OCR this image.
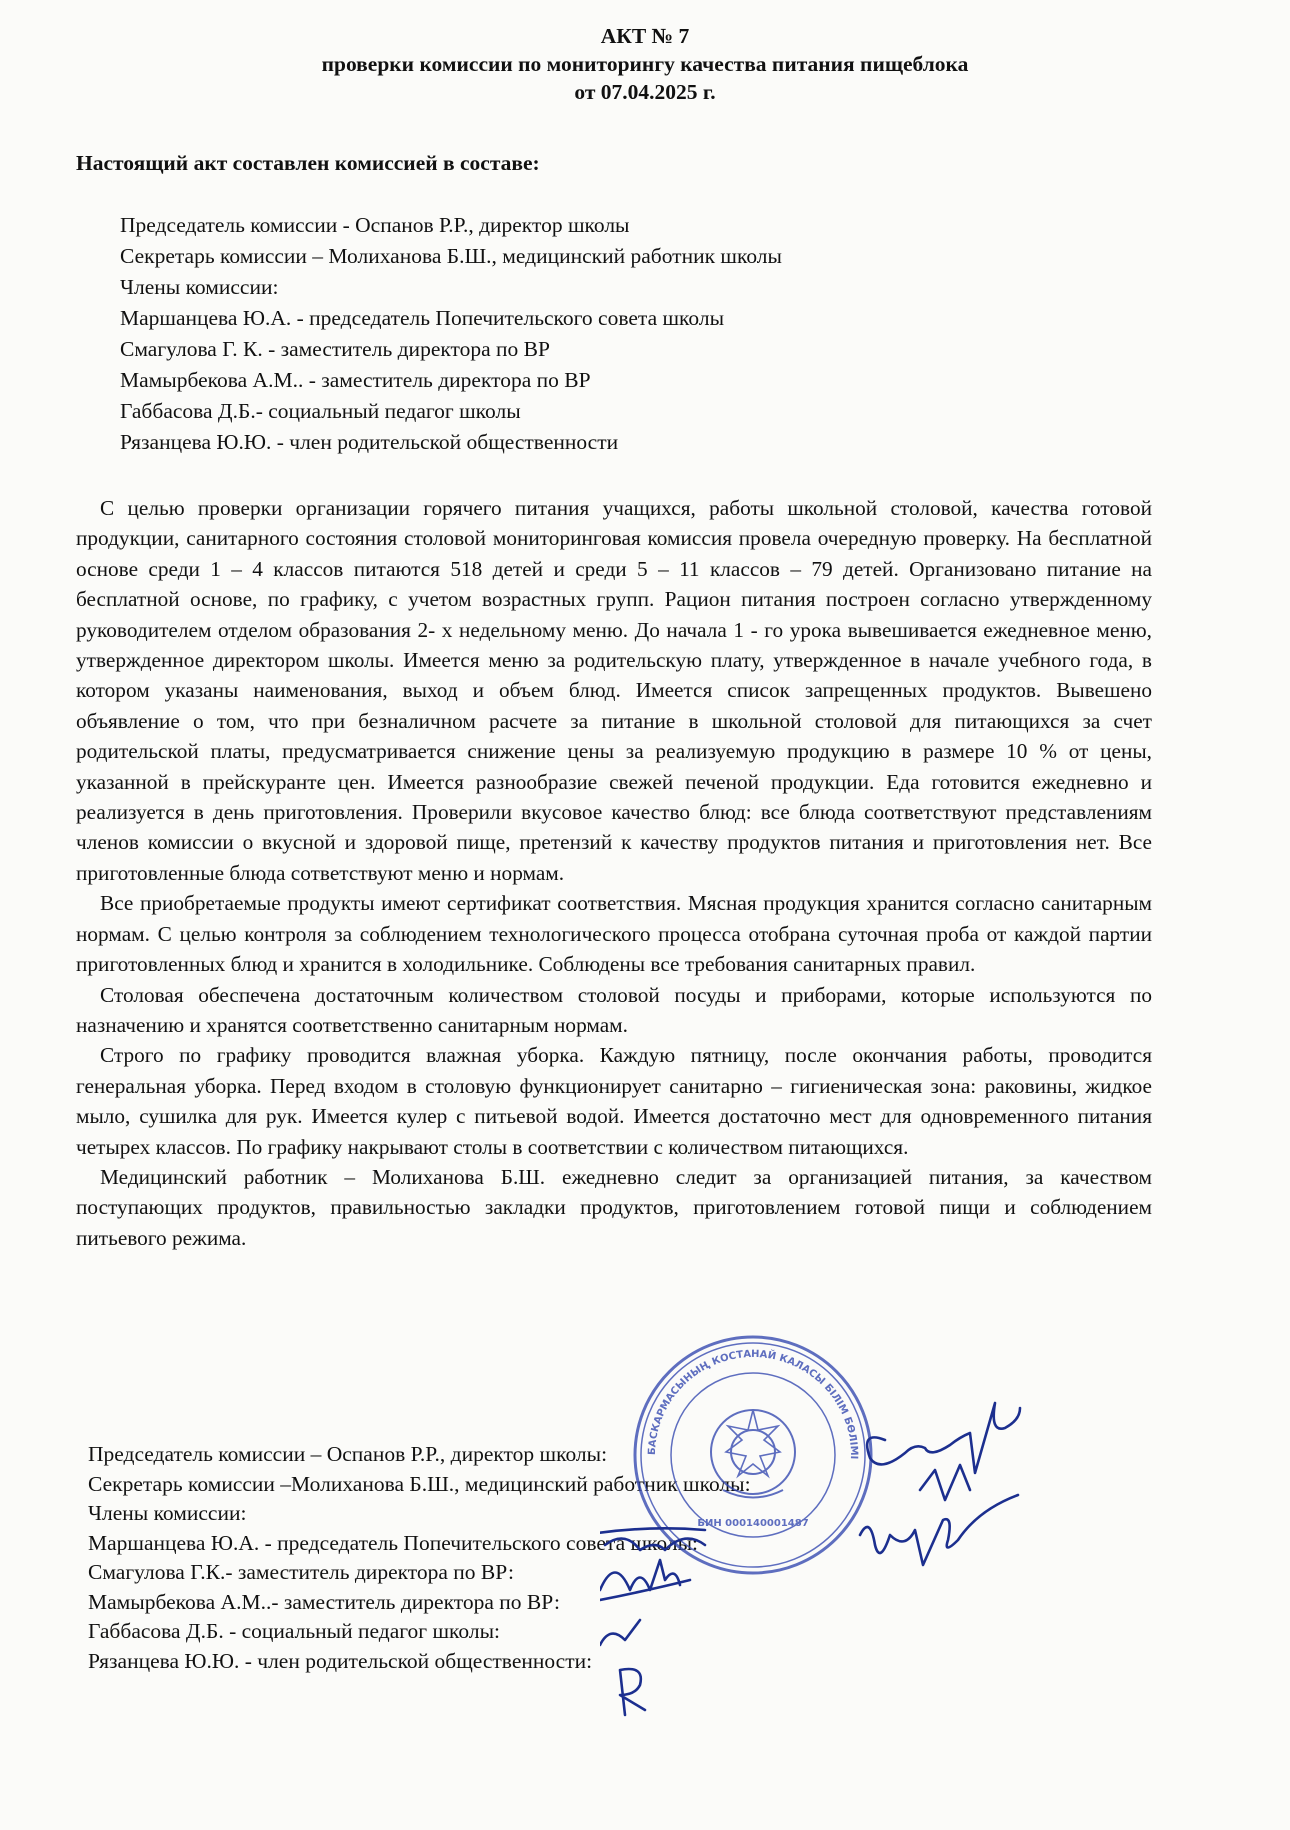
АКТ № 7
проверки комиссии по мониторингу качества питания пищеблока
от 07.04.2025 г.
Настоящий акт составлен комиссией в составе:
Председатель комиссии - Оспанов Р.Р., директор школы
Секретарь комиссии – Молиханова Б.Ш., медицинский работник школы
Члены комиссии:
Маршанцева Ю.А. - председатель Попечительского совета школы
Смагулова Г. К. - заместитель директора по ВР
Мамырбекова А.М.. - заместитель директора по ВР
Габбасова Д.Б.- социальный педагог школы
Рязанцева Ю.Ю. - член родительской общественности

С целью проверки организации горячего питания учащихся, работы школьной столовой, качества готовой продукции, санитарного состояния столовой мониторинговая комиссия провела очередную проверку. На бесплатной основе среди 1 – 4 классов питаются 518 детей и среди 5 – 11 классов – 79 детей. Организовано питание на бесплатной основе, по графику, с учетом возрастных групп. Рацион питания построен согласно утвержденному руководителем отделом образования 2- х недельному меню. До начала 1 - го урока вывешивается ежедневное меню, утвержденное директором школы. Имеется меню за родительскую плату, утвержденное в начале учебного года, в котором указаны наименования, выход и объем блюд. Имеется список запрещенных продуктов. Вывешено объявление о том, что при безналичном расчете за питание в школьной столовой для питающихся за счет родительской платы, предусматривается снижение цены за реализуемую продукцию в размере 10 % от цены, указанной в прейскуранте цен. Имеется разнообразие свежей печеной продукции. Еда готовится ежедневно и реализуется в день приготовления. Проверили вкусовое качество блюд: все блюда соответствуют представлениям членов комиссии о вкусной и здоровой пище, претензий к качеству продуктов питания и приготовления нет. Все приготовленные блюда сответствуют меню и нормам.

Все приобретаемые продукты имеют сертификат соответствия. Мясная продукция хранится согласно санитарным нормам. С целью контроля за соблюдением технологического процесса отобрана суточная проба от каждой партии приготовленных блюд и хранится в холодильнике. Соблюдены все требования санитарных правил.

Столовая обеспечена достаточным количеством столовой посуды и приборами, которые используются по назначению и хранятся соответственно санитарным нормам.

Строго по графику проводится влажная уборка. Каждую пятницу, после окончания работы, проводится генеральная уборка. Перед входом в столовую функционирует санитарно – гигиеническая зона: раковины, жидкое мыло, сушилка для рук. Имеется кулер с питьевой водой. Имеется достаточно мест для одновременного питания четырех классов. По графику накрывают столы в соответствии с количеством питающихся.

Медицинский работник – Молиханова Б.Ш. ежедневно следит за организацией питания, за качеством поступающих продуктов, правильностью закладки продуктов, приготовлением готовой пищи и соблюдением питьевого режима.

Председатель комиссии – Оспанов Р.Р., директор школы:
Секретарь комиссии –Молиханова Б.Ш., медицинский работник школы:
Члены комиссии:
Маршанцева Ю.А. - председатель Попечительского совета школы:
Смагулова Г.К.- заместитель директора по ВР:
Мамырбекова А.М..- заместитель директора по ВР:
Габбасова Д.Б. - социальный педагог школы:
Рязанцева Ю.Ю. - член родительской общественности:
БАСКАРМАСЫНЫҢ КОСТАНАЙ КАЛАСЫ БІЛІМ БӨЛІМІ
БИН 000140001487
